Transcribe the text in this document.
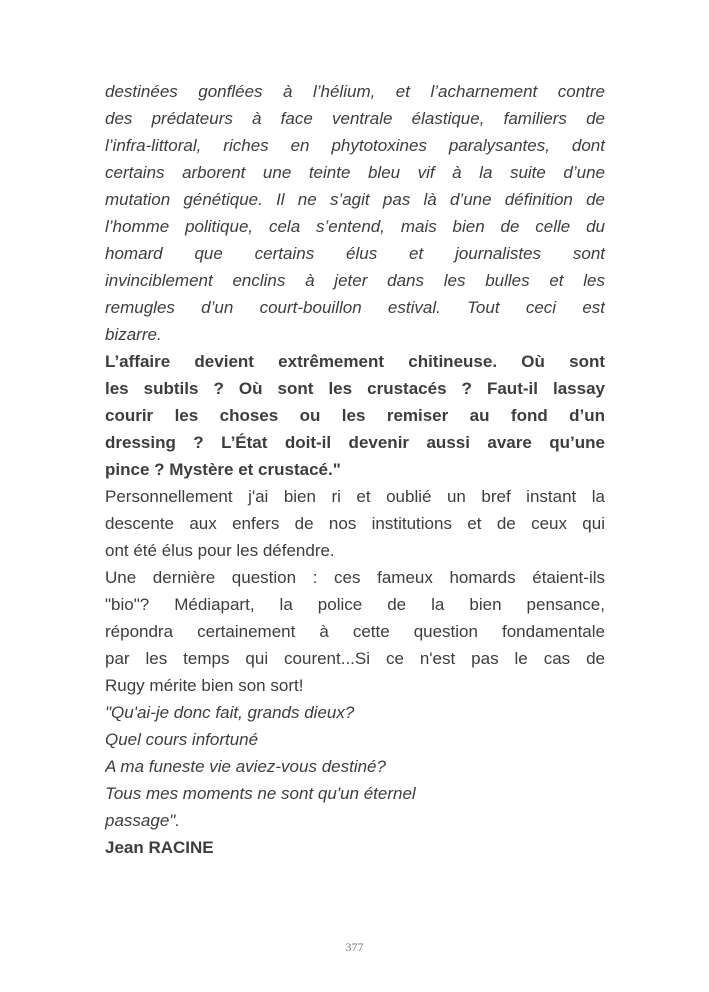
destinées gonflées à l’hélium, et l’acharnement contre
des prédateurs à face ventrale élastique, familiers de
l’infra-littoral, riches en phytotoxines paralysantes, dont
certains arborent une teinte bleu vif à la suite d’une
mutation génétique. Il ne s’agit pas là d’une définition de
l’homme politique, cela s’entend, mais bien de celle du
homard que certains élus et journalistes sont
invinciblement enclins à jeter dans les bulles et les
remugles d’un court-bouillon estival. Tout ceci est
bizarre.
L’affaire devient extrêmement chitineuse. Où sont
les subtils ? Où sont les crustacés ? Faut-il lassay
courir les choses ou les remiser au fond d’un
dressing ? L’État doit-il devenir aussi avare qu’une
pince ? Mystère et crustacé."
Personnellement j'ai bien ri et oublié un bref instant la
descente aux enfers de nos institutions et de ceux qui
ont été élus pour les défendre.
Une dernière question : ces fameux homards étaient-ils
"bio"? Médiapart, la police de la bien pensance,
répondra certainement à cette question fondamentale
par les temps qui courent...Si ce n'est pas le cas de
Rugy mérite bien son sort!
"Qu'ai-je donc fait, grands dieux?
Quel cours infortuné
A ma funeste vie aviez-vous destiné?
Tous mes moments ne sont qu'un éternel
passage".
Jean RACINE
377
